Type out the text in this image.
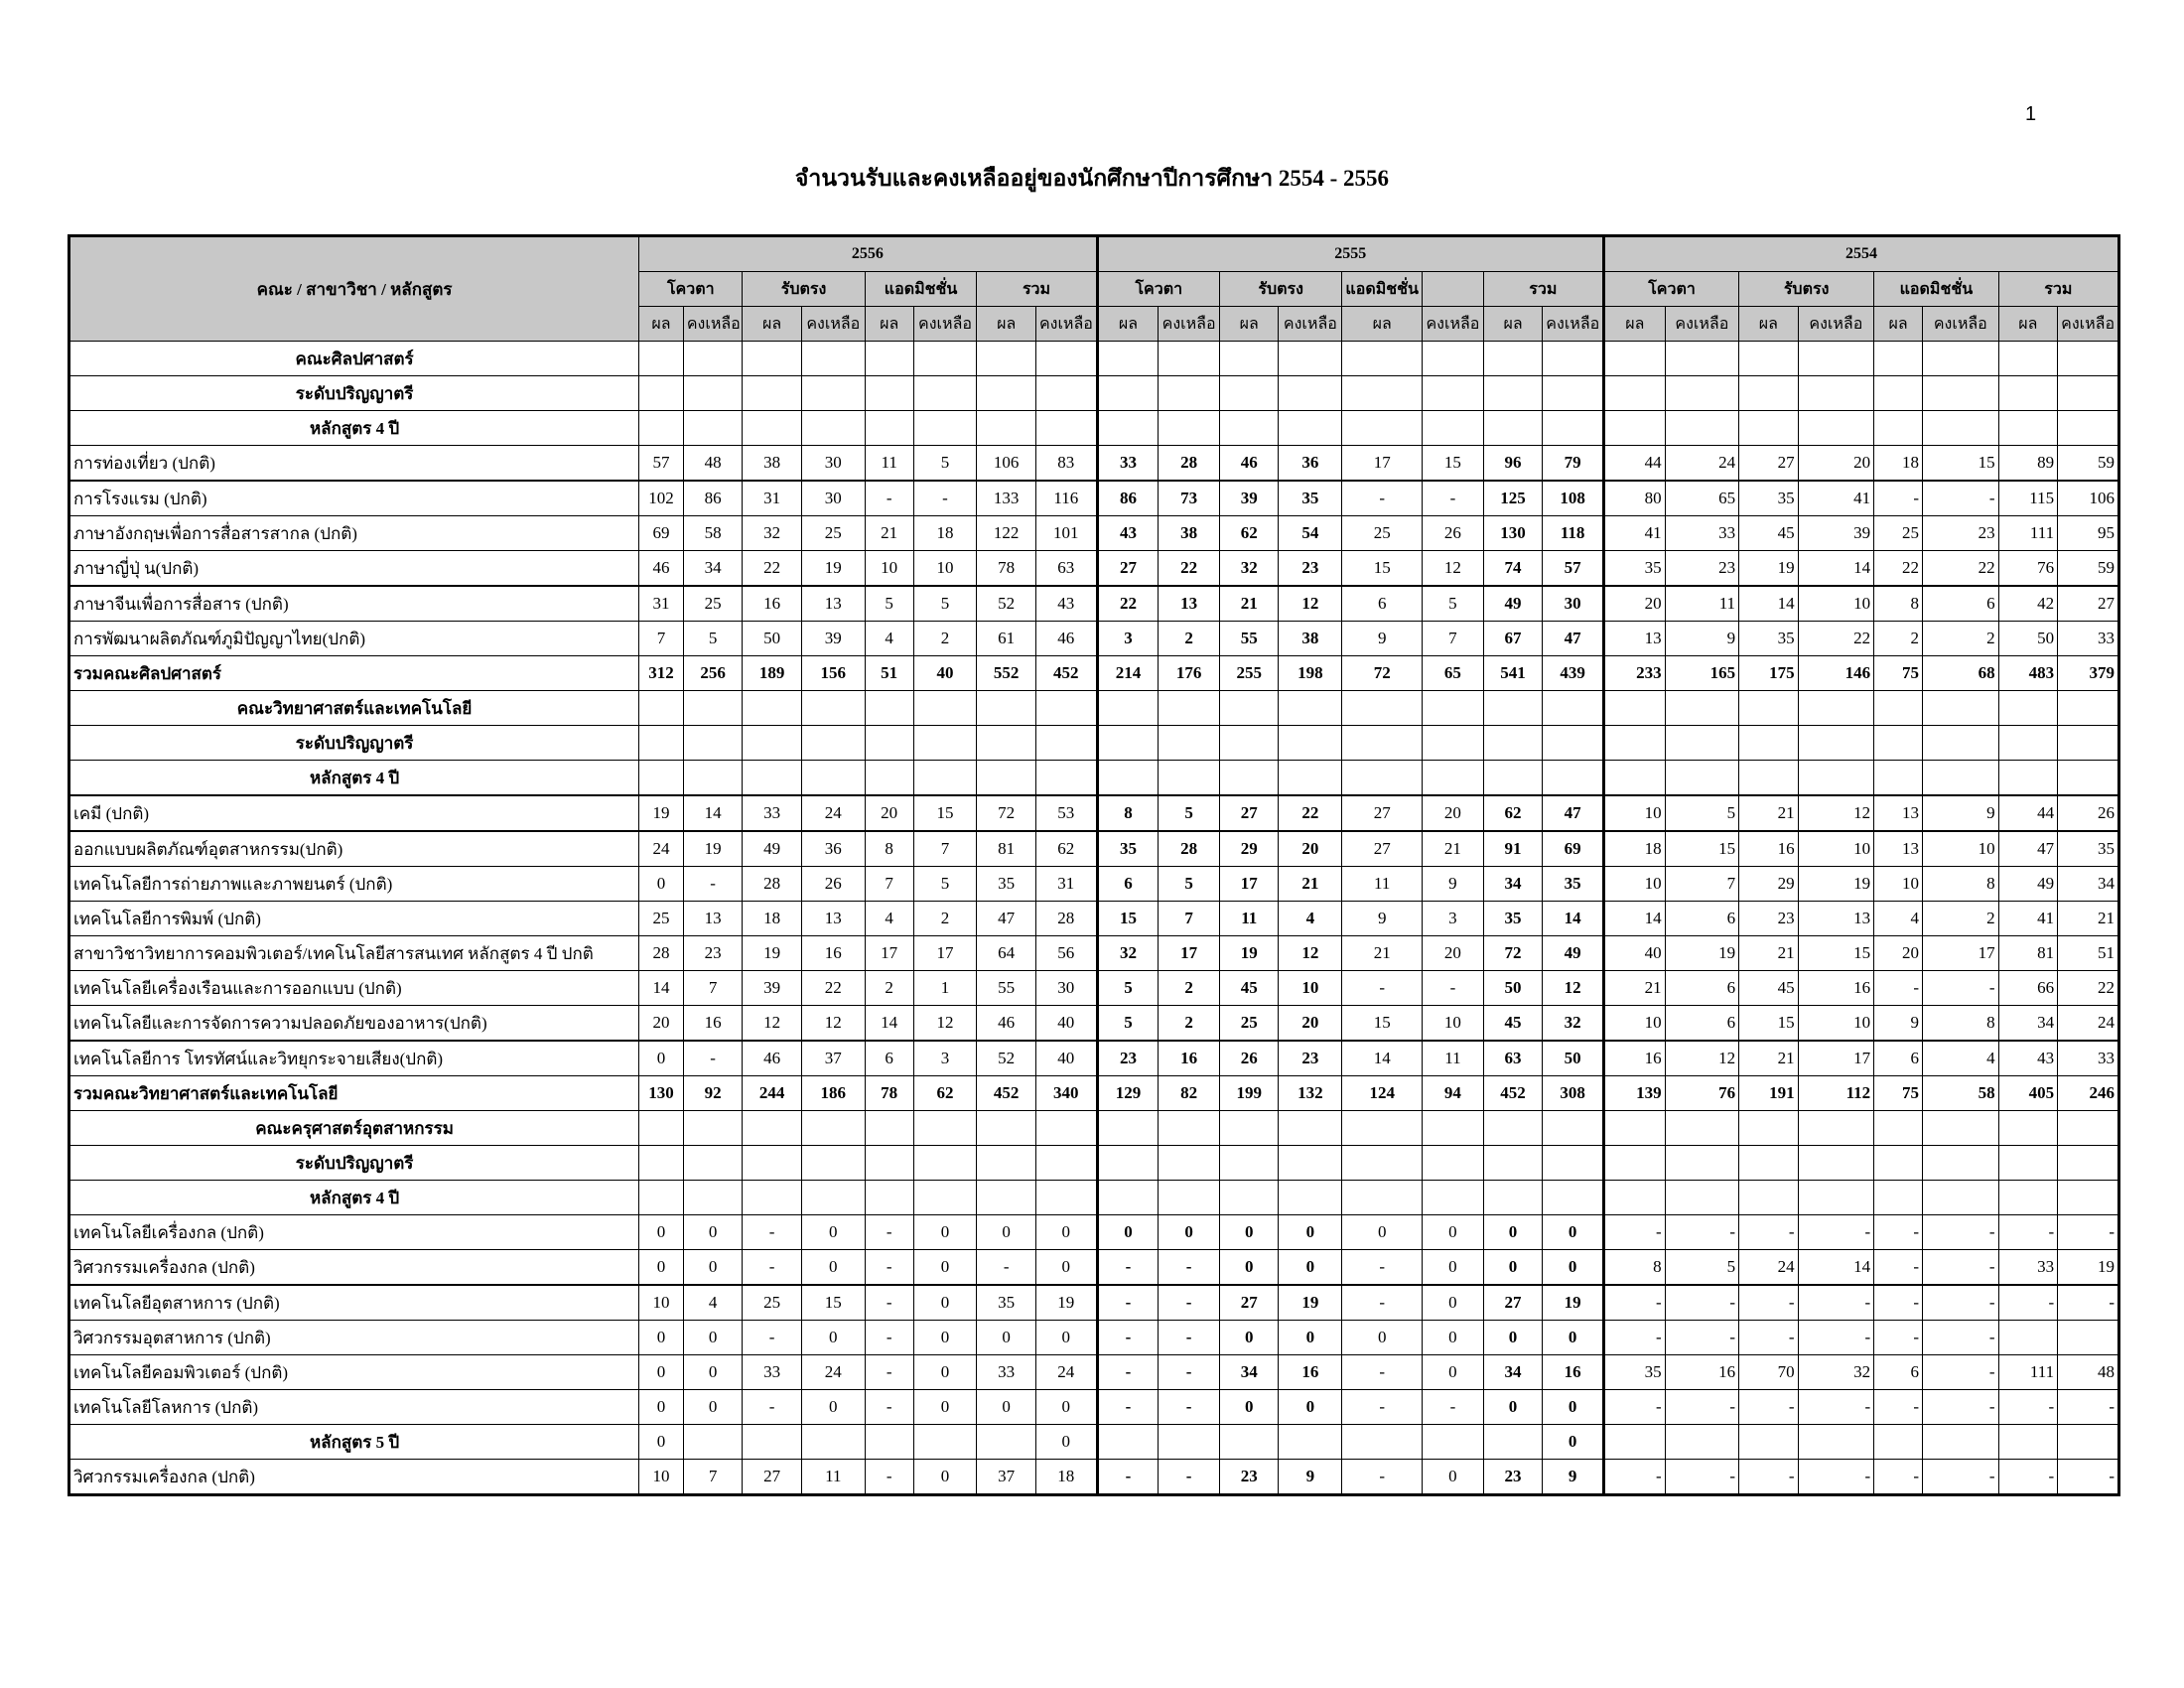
1
จำนวนรับและคงเหลืออยู่ของนักศึกษาปีการศึกษา 2554 - 2556
คณะ / สาขาวิชา / หลักสูตร	2556								2555								2554							
	โควตา		รับตรง		แอดมิชชั่น		รวม		โควตา		รับตรง		แอดมิชชั่น		รวม		โควตา		รับตรง		แอดมิชชั่น		รวม	
	ผล	คงเหลือ	ผล	คงเหลือ	ผล	คงเหลือ	ผล	คงเหลือ	ผล	คงเหลือ	ผล	คงเหลือ	ผล	คงเหลือ	ผล	คงเหลือ	ผล	คงเหลือ	ผล	คงเหลือ	ผล	คงเหลือ	ผล	คงเหลือ
คณะศิลปศาสตร์																								
ระดับปริญญาตรี																								
หลักสูตร 4 ปี																								
การท่องเที่ยว (ปกติ)	57	48	38	30	11	5	106	83	33	28	46	36	17	15	96	79	44	24	27	20	18	15	89	59
การโรงแรม (ปกติ)	102	86	31	30	-	-	133	116	86	73	39	35	-	-	125	108	80	65	35	41	-	-	115	106
ภาษาอังกฤษเพื่อการสื่อสารสากล (ปกติ)	69	58	32	25	21	18	122	101	43	38	62	54	25	26	130	118	41	33	45	39	25	23	111	95
ภาษาญี่ปุ่ น(ปกติ)	46	34	22	19	10	10	78	63	27	22	32	23	15	12	74	57	35	23	19	14	22	22	76	59
ภาษาจีนเพื่อการสื่อสาร (ปกติ)	31	25	16	13	5	5	52	43	22	13	21	12	6	5	49	30	20	11	14	10	8	6	42	27
การพัฒนาผลิตภัณฑ์ภูมิปัญญาไทย(ปกติ)	7	5	50	39	4	2	61	46	3	2	55	38	9	7	67	47	13	9	35	22	2	2	50	33
รวมคณะศิลปศาสตร์	312	256	189	156	51	40	552	452	214	176	255	198	72	65	541	439	233	165	175	146	75	68	483	379
คณะวิทยาศาสตร์และเทคโนโลยี																								
ระดับปริญญาตรี																								
หลักสูตร 4 ปี																								
เคมี (ปกติ)	19	14	33	24	20	15	72	53	8	5	27	22	27	20	62	47	10	5	21	12	13	9	44	26
ออกแบบผลิตภัณฑ์อุตสาหกรรม(ปกติ)	24	19	49	36	8	7	81	62	35	28	29	20	27	21	91	69	18	15	16	10	13	10	47	35
เทคโนโลยีการถ่ายภาพและภาพยนตร์ (ปกติ)	0	-	28	26	7	5	35	31	6	5	17	21	11	9	34	35	10	7	29	19	10	8	49	34
เทคโนโลยีการพิมพ์ (ปกติ)	25	13	18	13	4	2	47	28	15	7	11	4	9	3	35	14	14	6	23	13	4	2	41	21
สาขาวิชาวิทยาการคอมพิวเตอร์/เทคโนโลยีสารสนเทศ หลักสูตร 4 ปี ปกติ	28	23	19	16	17	17	64	56	32	17	19	12	21	20	72	49	40	19	21	15	20	17	81	51
เทคโนโลยีเครื่องเรือนและการออกแบบ (ปกติ)	14	7	39	22	2	1	55	30	5	2	45	10	-	-	50	12	21	6	45	16	-	-	66	22
เทคโนโลยีและการจัดการความปลอดภัยของอาหาร(ปกติ)	20	16	12	12	14	12	46	40	5	2	25	20	15	10	45	32	10	6	15	10	9	8	34	24
เทคโนโลยีการ โทรทัศน์และวิทยุกระจายเสียง(ปกติ)	0	-	46	37	6	3	52	40	23	16	26	23	14	11	63	50	16	12	21	17	6	4	43	33
รวมคณะวิทยาศาสตร์และเทคโนโลยี	130	92	244	186	78	62	452	340	129	82	199	132	124	94	452	308	139	76	191	112	75	58	405	246
คณะครุศาสตร์อุตสาหกรรม																								
ระดับปริญญาตรี																								
หลักสูตร 4 ปี																								
เทคโนโลยีเครื่องกล (ปกติ)	0	0	-	0	-	0	0	0	0	0	0	0	0	0	0	0	-	-	-	-	-	-	-	-
วิศวกรรมเครื่องกล (ปกติ)	0	0	-	0	-	0	-	0	-	-	0	0	-	0	0	0	8	5	24	14	-	-	33	19
เทคโนโลยีอุตสาหการ (ปกติ)	10	4	25	15	-	0	35	19	-	-	27	19	-	0	27	19	-	-	-	-	-	-	-	-
วิศวกรรมอุตสาหการ (ปกติ)	0	0	-	0	-	0	0	0	-	-	0	0	0	0	0	0	-	-	-	-	-	-		
เทคโนโลยีคอมพิวเตอร์ (ปกติ)	0	0	33	24	-	0	33	24	-	-	34	16	-	0	34	16	35	16	70	32	6	-	111	48
เทคโนโลยีโลหการ (ปกติ)	0	0	-	0	-	0	0	0	-	-	0	0	-	-	0	0	-	-	-	-	-	-	-	-
หลักสูตร 5 ปี	0							0								0								
วิศวกรรมเครื่องกล (ปกติ)	10	7	27	11	-	0	37	18	-	-	23	9	-	0	23	9	-	-	-	-	-	-	-	-
